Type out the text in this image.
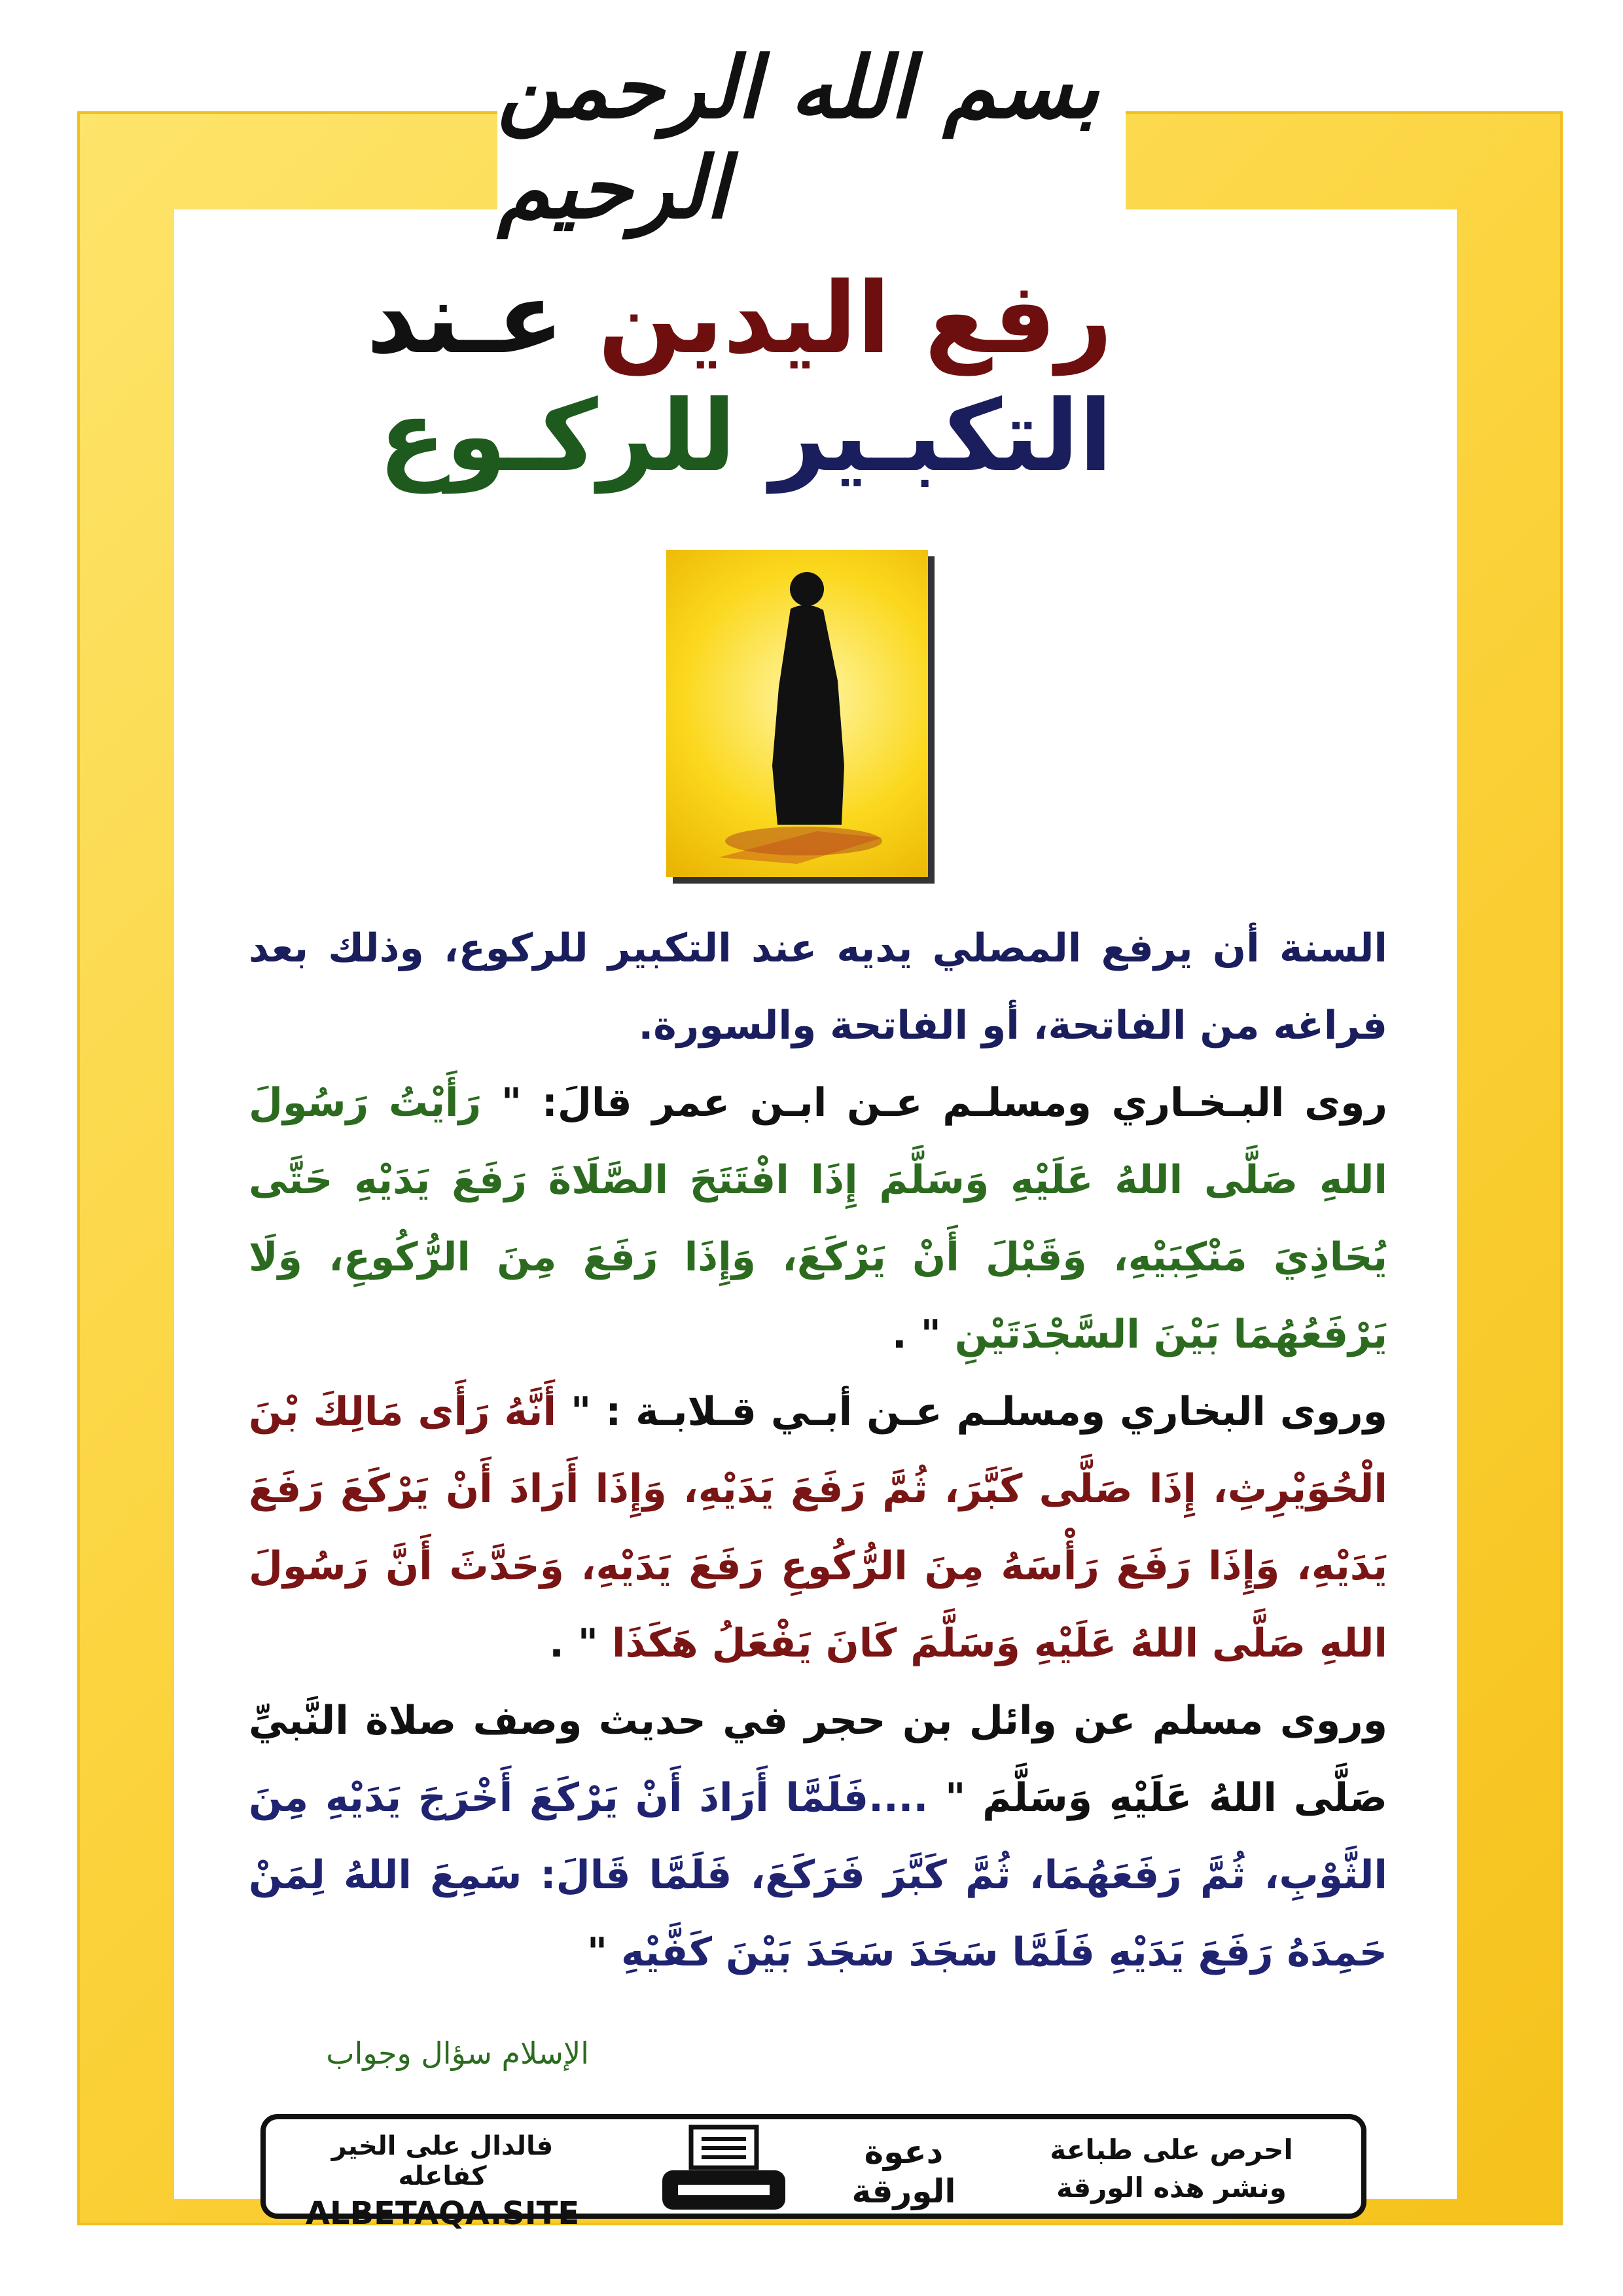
بسم الله الرحمن الرحيم
رفع اليدين عـند
التكبـير للركـوع

السنة أن يرفع المصلي يديه عند التكبير للركوع، وذلك بعد فراغه من الفاتحة، أو الفاتحة والسورة.

روى البـخـاري ومسلـم عـن ابـن عمر قالَ: " رَأَيْتُ رَسُولَ اللهِ صَلَّى اللهُ عَلَيْهِ وَسَلَّمَ إِذَا افْتَتَحَ الصَّلَاةَ رَفَعَ يَدَيْهِ حَتَّى يُحَاذِيَ مَنْكِبَيْهِ، وَقَبْلَ أَنْ يَرْكَعَ، وَإِذَا رَفَعَ مِنَ الرُّكُوعِ، وَلَا يَرْفَعُهُمَا بَيْنَ السَّجْدَتَيْنِ " .

وروى البخاري ومسلـم عـن أبـي قـلابـة : " أَنَّهُ رَأَى مَالِكَ بْنَ الْحُوَيْرِثِ، إِذَا صَلَّى كَبَّرَ، ثُمَّ رَفَعَ يَدَيْهِ، وَإِذَا أَرَادَ أَنْ يَرْكَعَ رَفَعَ يَدَيْهِ، وَإِذَا رَفَعَ رَأْسَهُ مِنَ الرُّكُوعِ رَفَعَ يَدَيْهِ، وَحَدَّثَ أَنَّ رَسُولَ اللهِ صَلَّى اللهُ عَلَيْهِ وَسَلَّمَ كَانَ يَفْعَلُ هَكَذَا " .

وروى مسلم عن وائل بن حجر في حديث وصف صلاة النَّبيِّ صَلَّى اللهُ عَلَيْهِ وَسَلَّمَ " ....فَلَمَّا أَرَادَ أَنْ يَرْكَعَ أَخْرَجَ يَدَيْهِ مِنَ الثَّوْبِ، ثُمَّ رَفَعَهُمَا، ثُمَّ كَبَّرَ فَرَكَعَ، فَلَمَّا قَالَ: سَمِعَ اللهُ لِمَنْ حَمِدَهُ رَفَعَ يَدَيْهِ فَلَمَّا سَجَدَ سَجَدَ بَيْنَ كَفَّيْهِ "

الإسلام سؤال وجواب
فالدال على الخير كفاعله
ALBETAQA.SITE
دعوة
الورقة
احرص على طباعة
ونشر هذه الورقة
